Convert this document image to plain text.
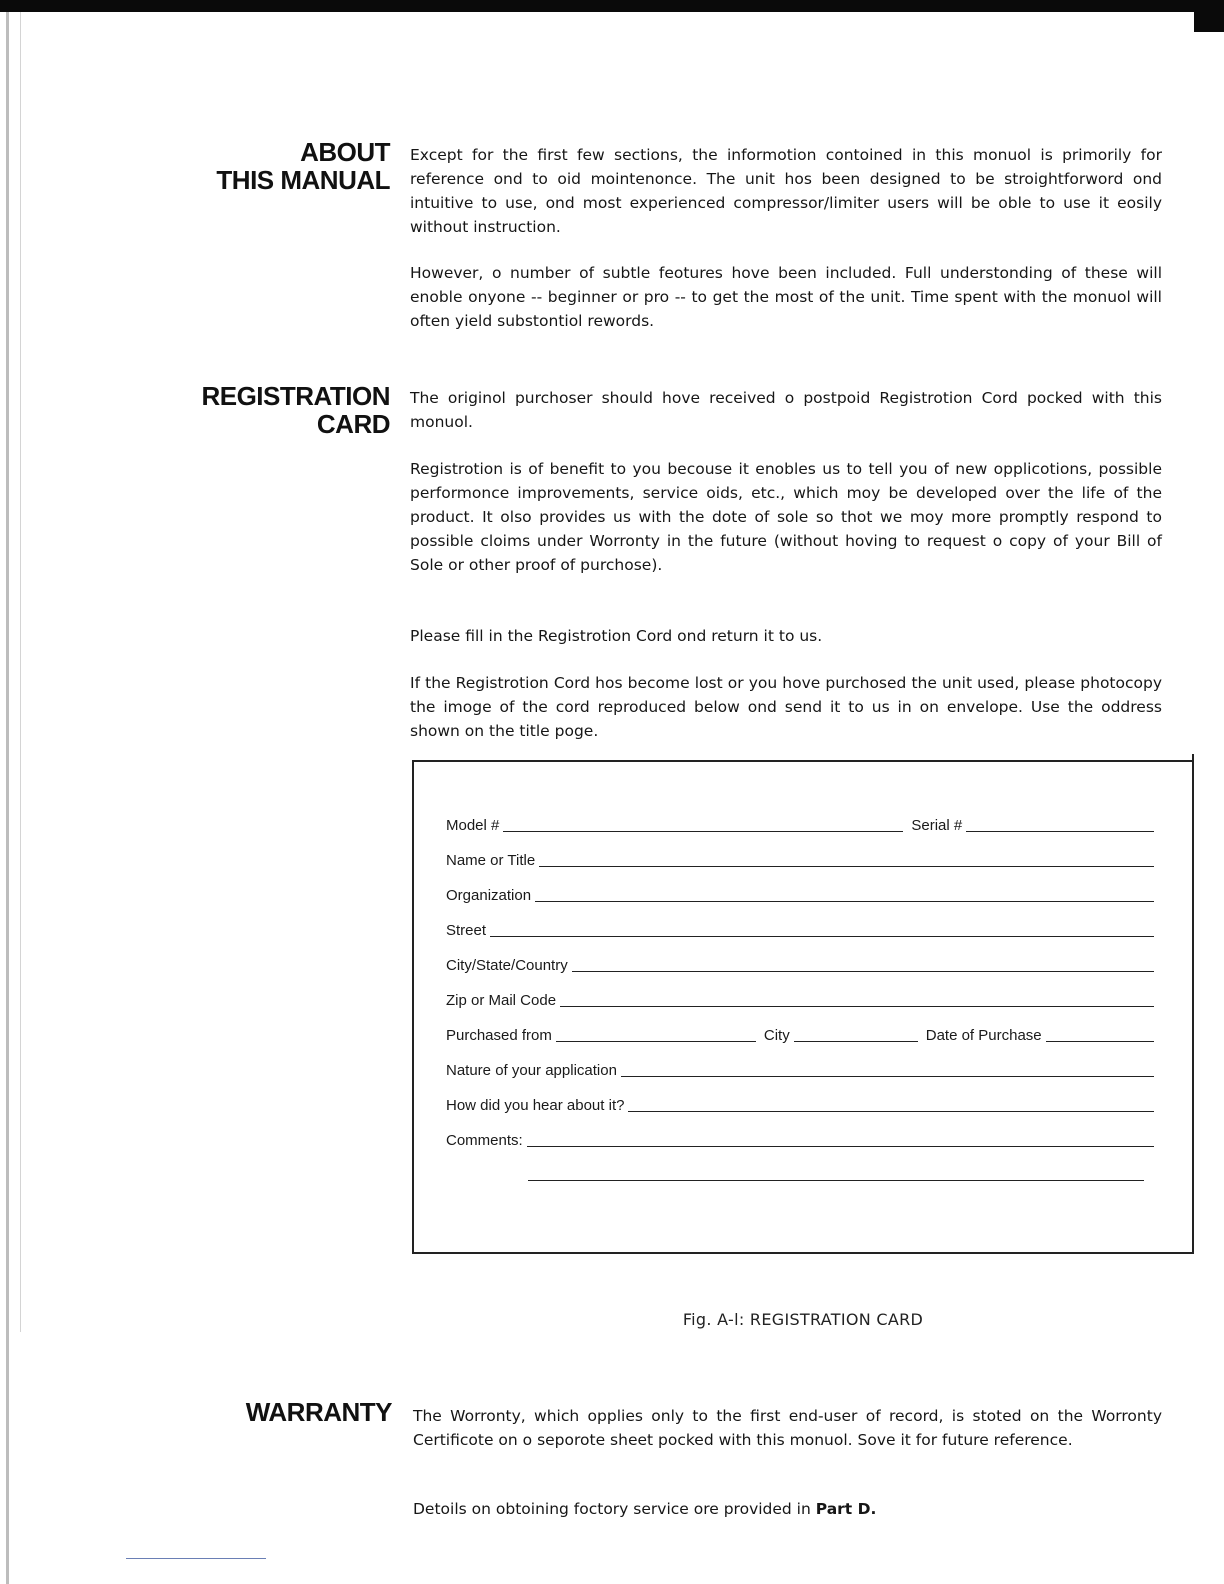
ABOUT
THIS MANUAL

Except for the first few sections, the informotion contoined in this monuol is primorily for reference ond to oid mointenonce. The unit hos been designed to be stroightforword ond intuitive to use, ond most experienced compressor/limiter users will be oble to use it eosily without instruction.

However, o number of subtle feotures hove been included. Full understonding of these will enoble onyone -- beginner or pro -- to get the most of the unit. Time spent with the monuol will often yield substontiol rewords.

REGISTRATION
CARD

The originol purchoser should hove received o postpoid Registrotion Cord pocked with this monuol.

Registrotion is of benefit to you becouse it enobles us to tell you of new opplicotions, possible performonce improvements, service oids, etc., which moy be developed over the life of the product. It olso provides us with the dote of sole so thot we moy more promptly respond to possible cloims under Worronty in the future (without hoving to request o copy of your Bill of Sole or other proof of purchose).

Please fill in the Registrotion Cord ond return it to us.

If the Registrotion Cord hos become lost or you hove purchosed the unit used, please photocopy the imoge of the cord reproduced below ond send it to us in on envelope. Use the oddress shown on the title poge.

Model #	Serial #
Name or Title
Organization
Street
City/State/Country
Zip or Mail Code
Purchased from	City	Date of Purchase
Nature of your application
How did you hear about it?
Comments:
Fig. A-l: REGISTRATION CARD
WARRANTY The Worronty, which opplies only to the first end-user of record, is stoted on the Worronty Certificote on o seporote sheet pocked with this monuol. Sove it for future reference.

Detoils on obtoining foctory service ore provided in Part D.
